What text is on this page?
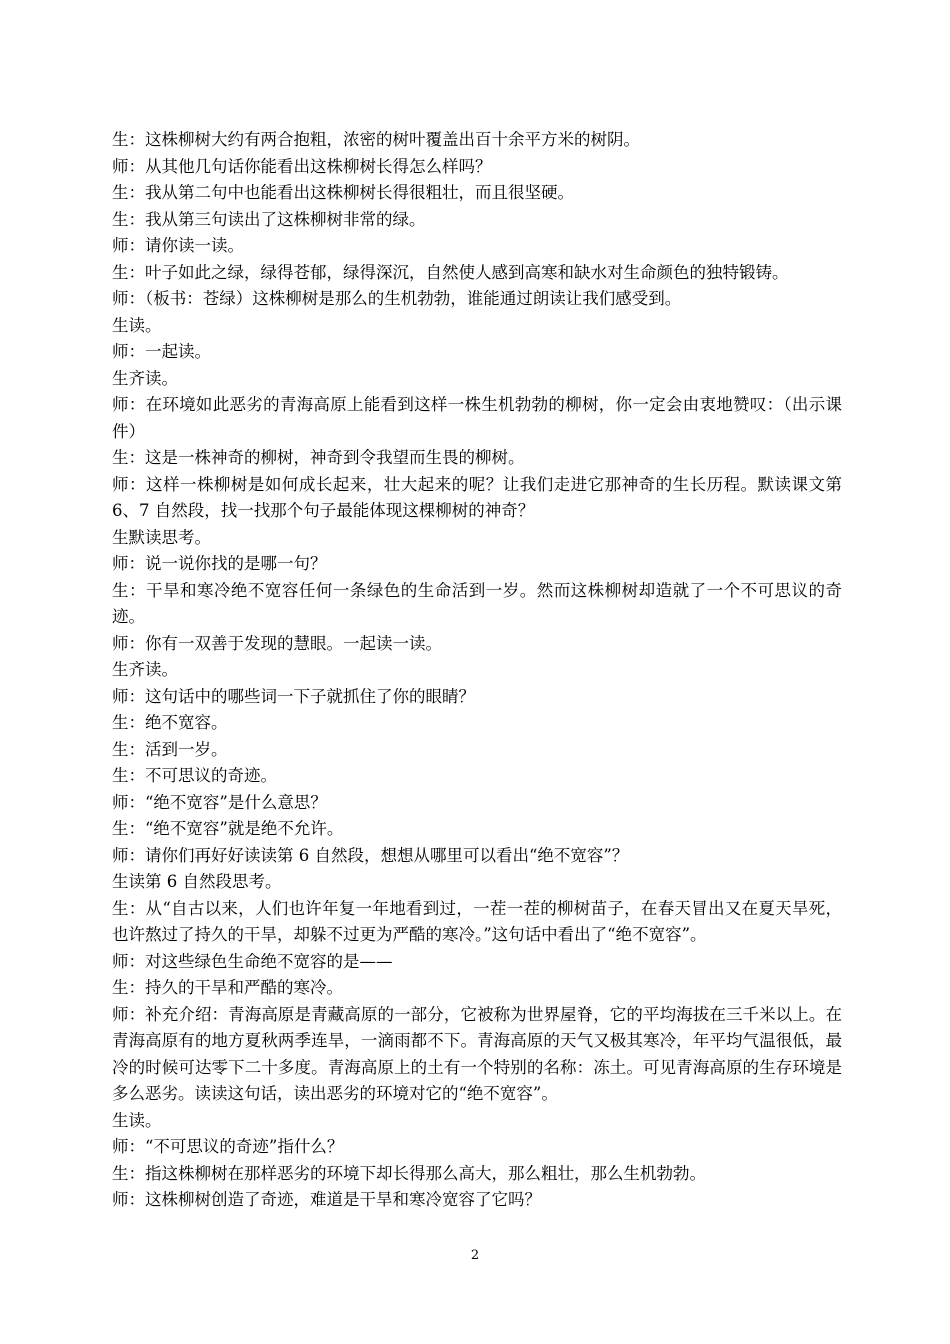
生：这株柳树大约有两合抱粗，浓密的树叶覆盖出百十余平方米的树阴。

师：从其他几句话你能看出这株柳树长得怎么样吗？

生：我从第二句中也能看出这株柳树长得很粗壮，而且很坚硬。

生：我从第三句读出了这株柳树非常的绿。

师：请你读一读。

生：叶子如此之绿，绿得苍郁，绿得深沉，自然使人感到高寒和缺水对生命颜色的独特锻铸。

师：（板书：苍绿）这株柳树是那么的生机勃勃，谁能通过朗读让我们感受到。

生读。

师：一起读。

生齐读。

师：在环境如此恶劣的青海高原上能看到这样一株生机勃勃的柳树，你一定会由衷地赞叹：（出示课件）

生：这是一株神奇的柳树，神奇到令我望而生畏的柳树。

师：这样一株柳树是如何成长起来，壮大起来的呢？让我们走进它那神奇的生长历程。默读课文第 6、7 自然段，找一找那个句子最能体现这棵柳树的神奇？

生默读思考。

师：说一说你找的是哪一句？

生：干旱和寒冷绝不宽容任何一条绿色的生命活到一岁。然而这株柳树却造就了一个不可思议的奇迹。

师：你有一双善于发现的慧眼。一起读一读。

生齐读。

师：这句话中的哪些词一下子就抓住了你的眼睛？

生：绝不宽容。

生：活到一岁。

生：不可思议的奇迹。

师：“绝不宽容”是什么意思？

生：“绝不宽容”就是绝不允许。

师：请你们再好好读读第 6 自然段，想想从哪里可以看出“绝不宽容”？

生读第 6 自然段思考。

生：从“自古以来，人们也许年复一年地看到过，一茬一茬的柳树苗子，在春天冒出又在夏天旱死，也许熬过了持久的干旱，却躲不过更为严酷的寒冷。”这句话中看出了“绝不宽容”。

师：对这些绿色生命绝不宽容的是——

生：持久的干旱和严酷的寒冷。

师：补充介绍：青海高原是青藏高原的一部分，它被称为世界屋脊，它的平均海拔在三千米以上。在青海高原有的地方夏秋两季连旱，一滴雨都不下。青海高原的天气又极其寒冷，年平均气温很低，最冷的时候可达零下二十多度。青海高原上的土有一个特别的名称：冻土。可见青海高原的生存环境是多么恶劣。读读这句话，读出恶劣的环境对它的“绝不宽容”。

生读。

师：“不可思议的奇迹”指什么？

生：指这株柳树在那样恶劣的环境下却长得那么高大，那么粗壮，那么生机勃勃。

师：这株柳树创造了奇迹，难道是干旱和寒冷宽容了它吗？

2
